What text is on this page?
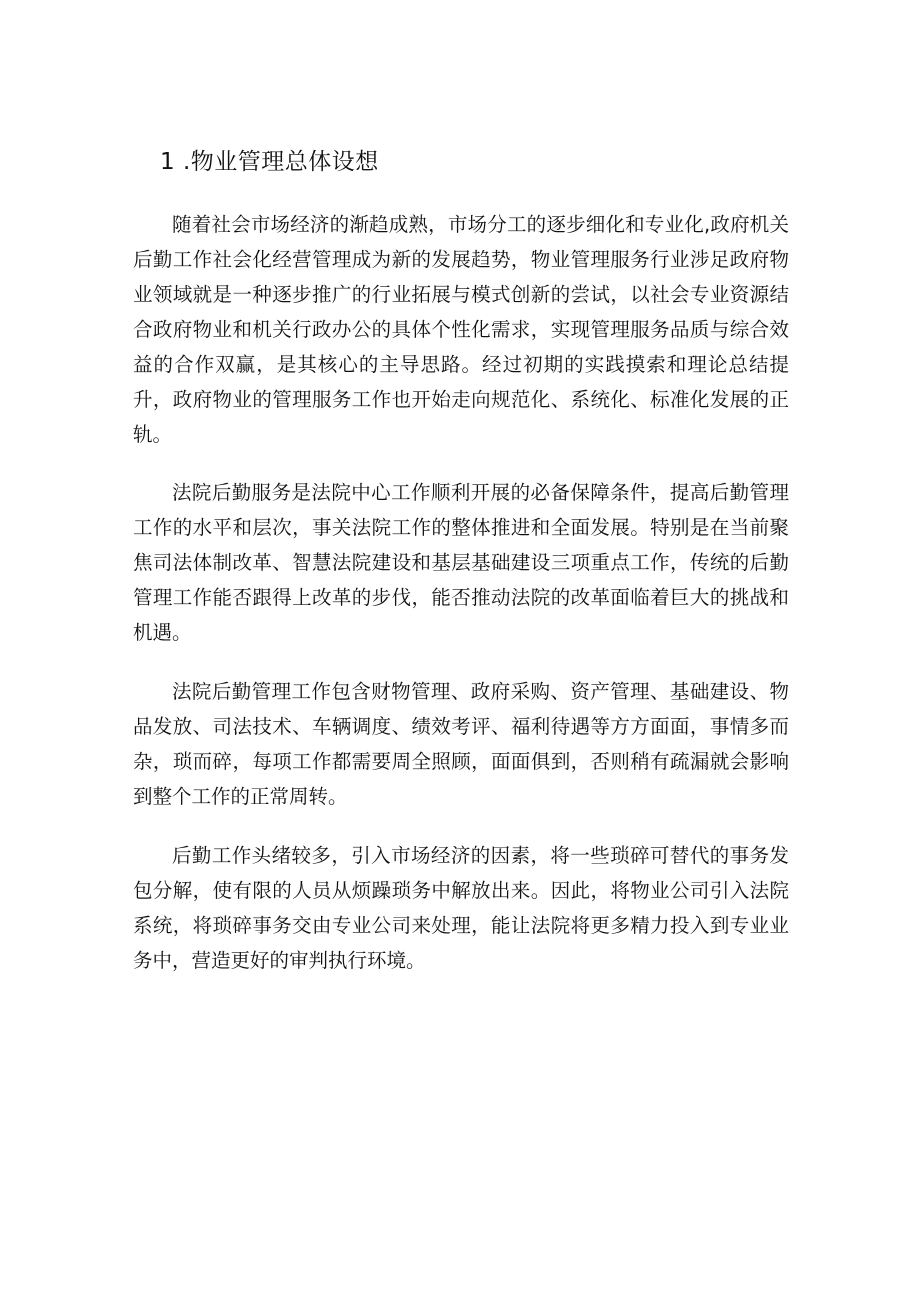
1 .物业管理总体设想

随着社会市场经济的渐趋成熟，市场分工的逐步细化和专业化,政府机关后勤工作社会化经营管理成为新的发展趋势，物业管理服务行业涉足政府物业领域就是一种逐步推广的行业拓展与模式创新的尝试，以社会专业资源结合政府物业和机关行政办公的具体个性化需求，实现管理服务品质与综合效益的合作双赢，是其核心的主导思路。经过初期的实践摸索和理论总结提升，政府物业的管理服务工作也开始走向规范化、系统化、标准化发展的正轨。

法院后勤服务是法院中心工作顺利开展的必备保障条件，提高后勤管理工作的水平和层次，事关法院工作的整体推进和全面发展。特别是在当前聚焦司法体制改革、智慧法院建设和基层基础建设三项重点工作，传统的后勤管理工作能否跟得上改革的步伐，能否推动法院的改革面临着巨大的挑战和机遇。

法院后勤管理工作包含财物管理、政府采购、资产管理、基础建设、物品发放、司法技术、车辆调度、绩效考评、福利待遇等方方面面，事情多而杂，琐而碎，每项工作都需要周全照顾，面面俱到，否则稍有疏漏就会影响到整个工作的正常周转。

后勤工作头绪较多，引入市场经济的因素，将一些琐碎可替代的事务发包分解，使有限的人员从烦躁琐务中解放出来。因此，将物业公司引入法院系统，将琐碎事务交由专业公司来处理，能让法院将更多精力投入到专业业务中，营造更好的审判执行环境。
